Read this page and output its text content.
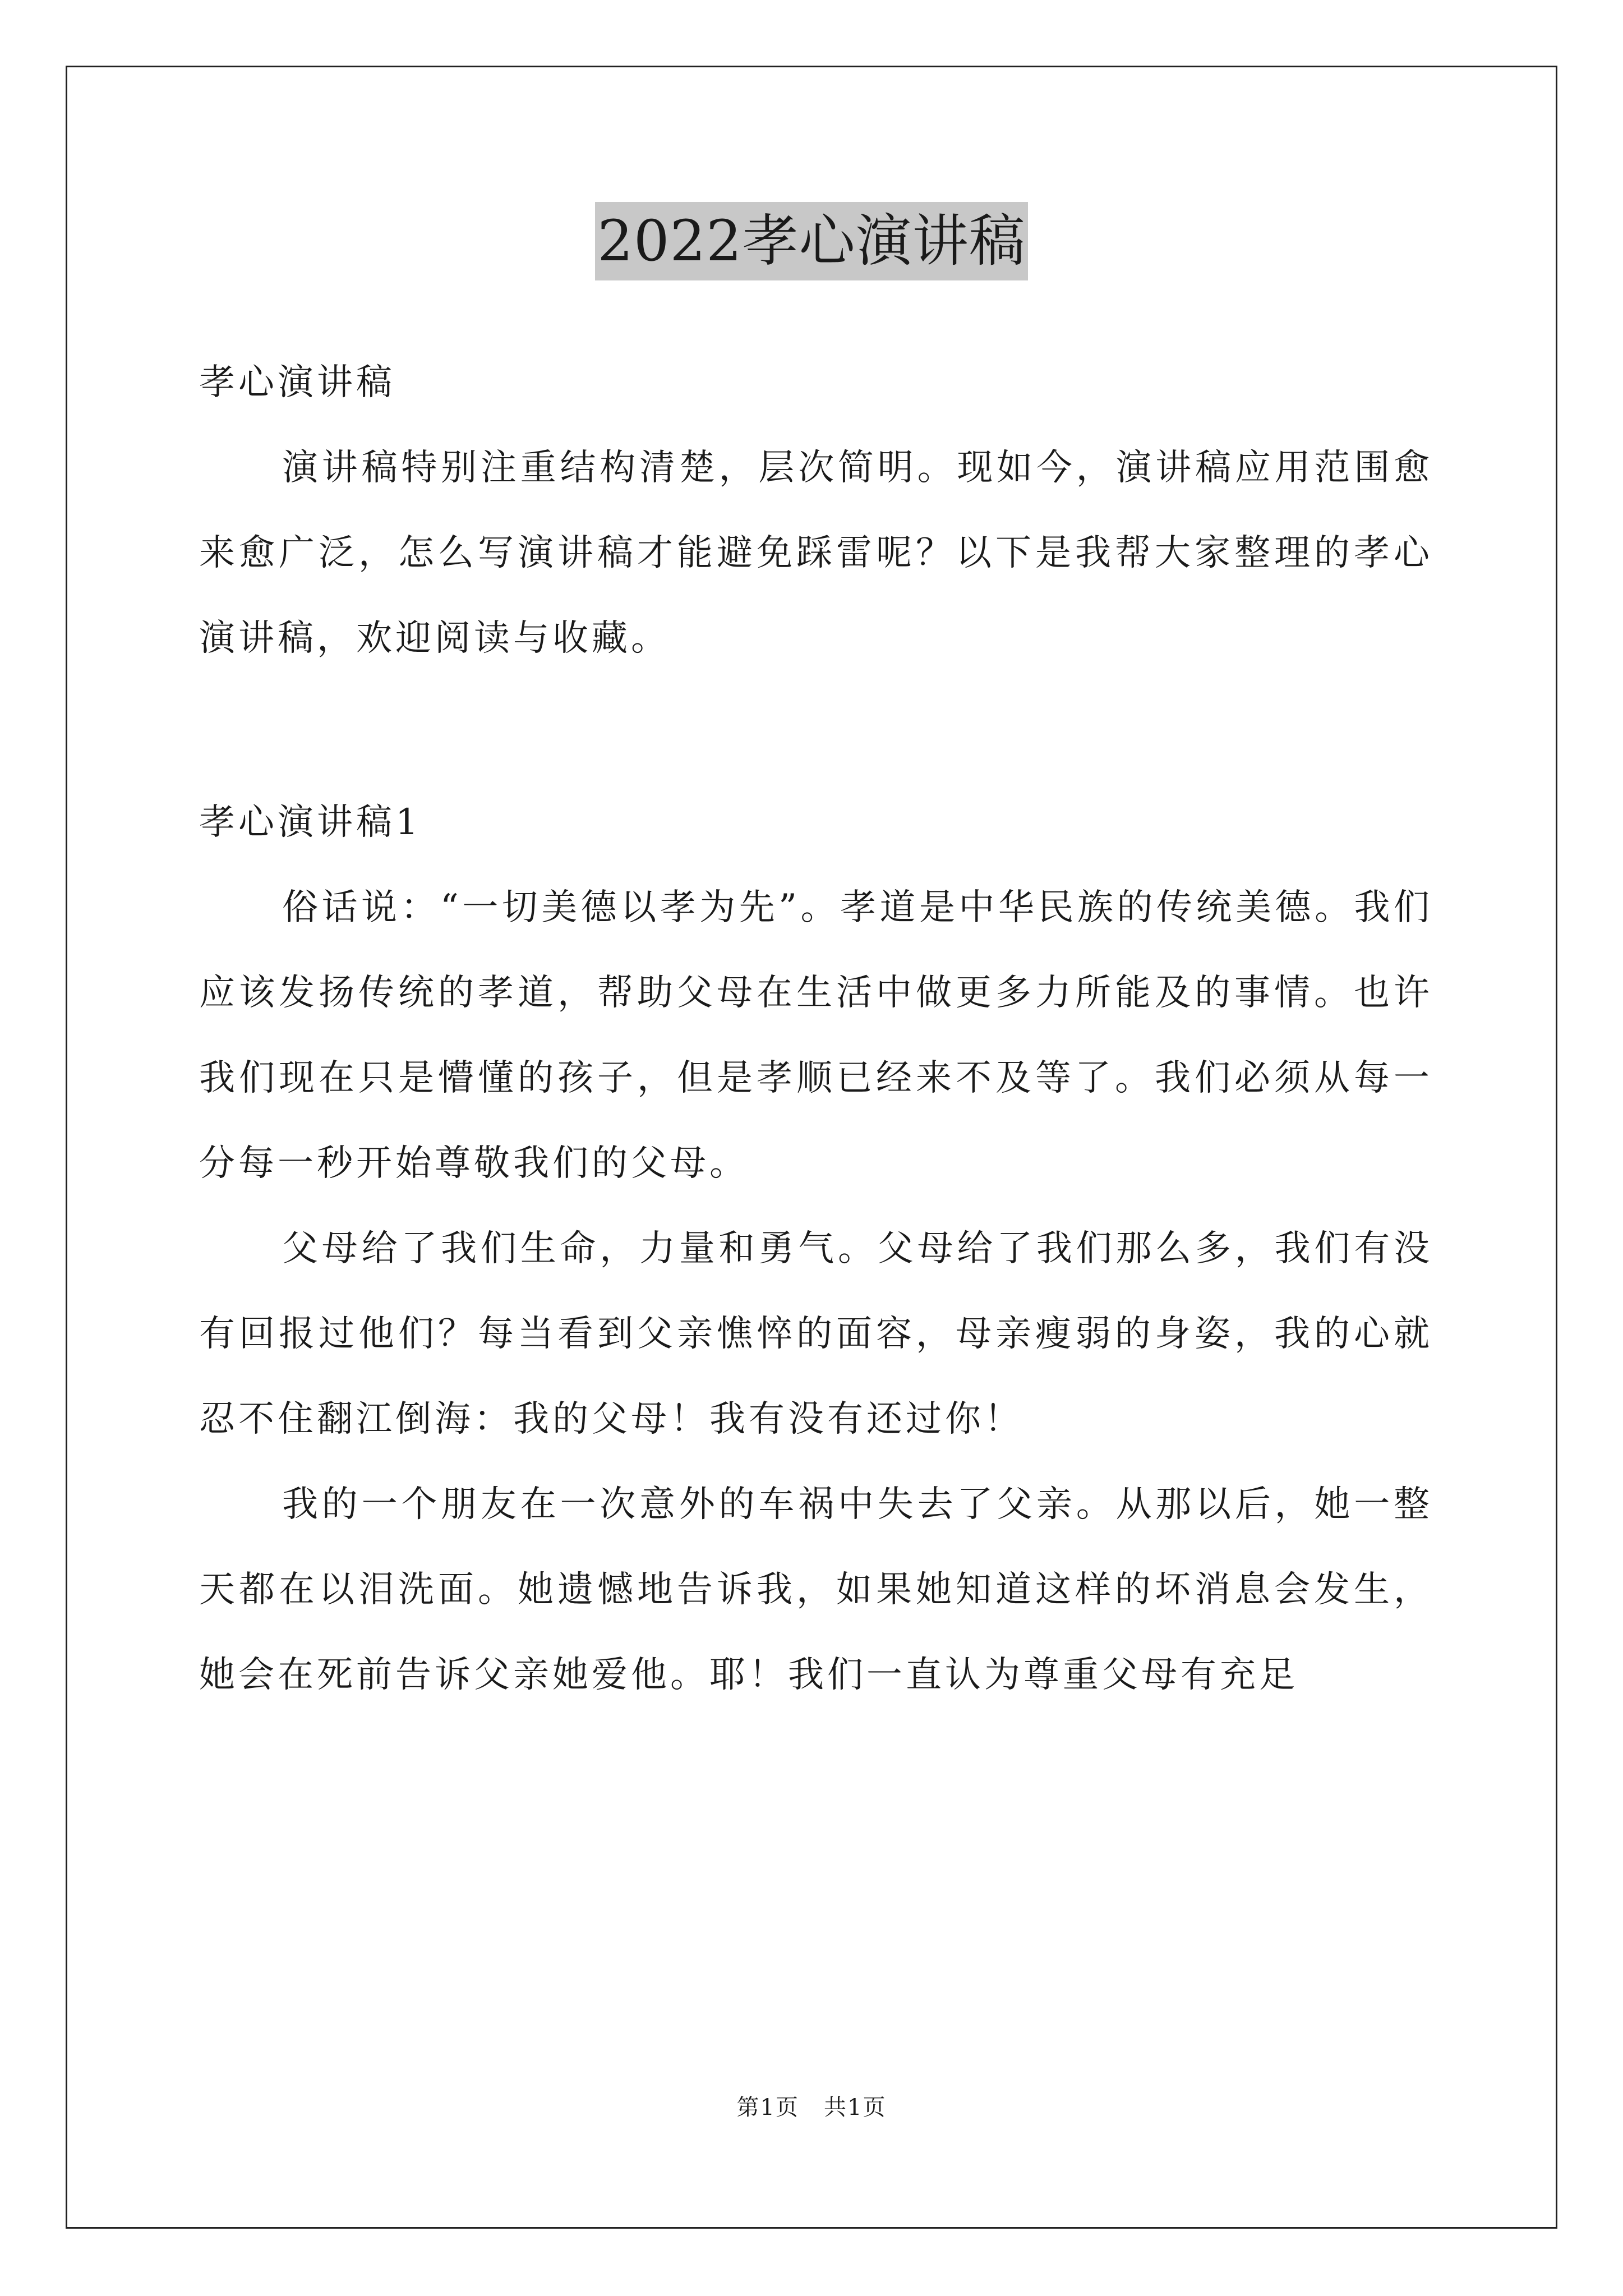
2022孝心演讲稿

孝心演讲稿

演讲稿特别注重结构清楚，层次简明。现如今，演讲稿应用范围愈来愈广泛，怎么写演讲稿才能避免踩雷呢？以下是我帮大家整理的孝心演讲稿，欢迎阅读与收藏。

孝心演讲稿1

俗话说：“一切美德以孝为先”。孝道是中华民族的传统美德。我们应该发扬传统的孝道，帮助父母在生活中做更多力所能及的事情。也许我们现在只是懵懂的孩子，但是孝顺已经来不及等了。我们必须从每一分每一秒开始尊敬我们的父母。

父母给了我们生命，力量和勇气。父母给了我们那么多，我们有没有回报过他们？每当看到父亲憔悴的面容，母亲瘦弱的身姿，我的心就忍不住翻江倒海：我的父母！我有没有还过你！

我的一个朋友在一次意外的车祸中失去了父亲。从那以后，她一整天都在以泪洗面。她遗憾地告诉我，如果她知道这样的坏消息会发生，她会在死前告诉父亲她爱他。耶！我们一直认为尊重父母有充足

第1页 共1页
